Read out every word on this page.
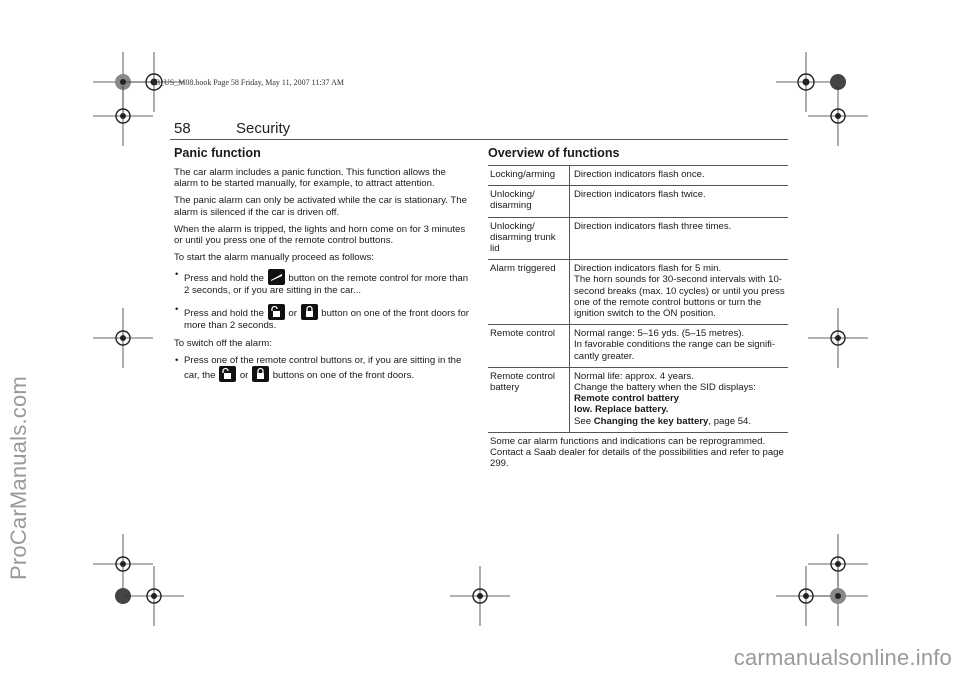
93_US_M08.book Page 58 Friday, May 11, 2007 11:37 AM
58	Security
Panic function

The car alarm includes a panic function. This function allows the alarm to be started manually, for example, to attract attention.

The panic alarm can only be activated while the car is stationary. The alarm is silenced if the car is driven off.

When the alarm is tripped, the lights and horn come on for 3 minutes or until you press one of the remote control buttons.

To start the alarm manually proceed as follows:

• Press and hold the	button on the remote control for more than 2 seconds, or if you are sitting in the car...
• Press and hold the	or	button on one of the front doors for more than 2 seconds.

To switch off the alarm:

• Press one of the remote control buttons or, if you are sitting in the car, the	or	buttons on one of the front doors.
Overview of functions
Locking/arming	Direction indicators flash once.
Unlocking/ disarming	Direction indicators flash twice.
Unlocking/ disarming trunk lid	Direction indicators flash three times.
Alarm triggered	Direction indicators flash for 5 min.
The horn sounds for 30-second intervals with 10-second breaks (max. 10 cycles) or until you press one of the remote control buttons or turn the ignition switch to the ON position.

Remote control	Normal range: 5–16 yds. (5–15 metres).
In favorable conditions the range can be signifi-cantly greater.

Remote control battery	Normal life: approx. 4 years.
Change the battery when the SID displays:
Remote control battery
low. Replace battery.
See Changing the key battery, page 54.
Some car alarm functions and indications can be reprogrammed. Contact a Saab dealer for details of the possibilities and refer to page 299.
ProCarManuals.com
carmanualsonline.info
